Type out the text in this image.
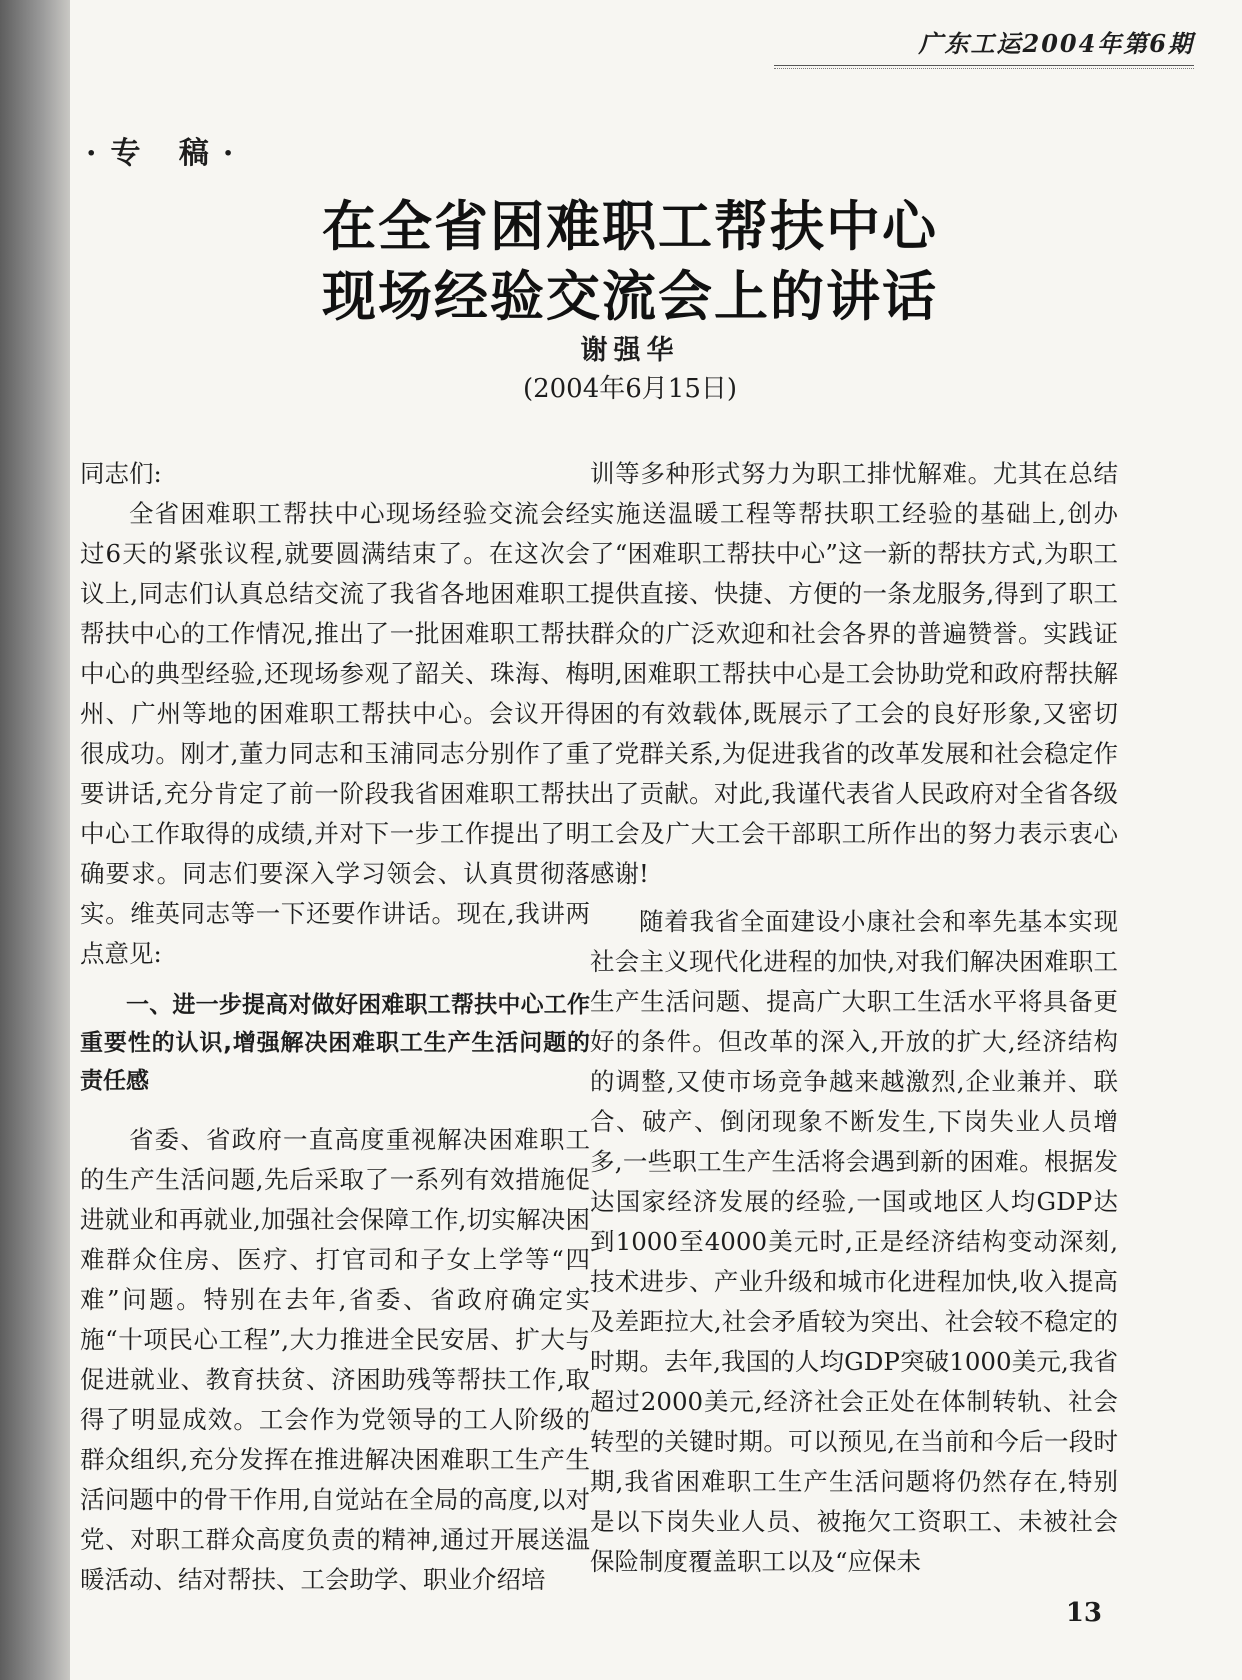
广东工运2004年第6期
·专 稿·
在全省困难职工帮扶中心
现场经验交流会上的讲话
谢强华
(2004年6月15日)

同志们:

全省困难职工帮扶中心现场经验交流会经过6天的紧张议程,就要圆满结束了。在这次会议上,同志们认真总结交流了我省各地困难职工帮扶中心的工作情况,推出了一批困难职工帮扶中心的典型经验,还现场参观了韶关、珠海、梅州、广州等地的困难职工帮扶中心。会议开得很成功。刚才,董力同志和玉浦同志分别作了重要讲话,充分肯定了前一阶段我省困难职工帮扶中心工作取得的成绩,并对下一步工作提出了明确要求。同志们要深入学习领会、认真贯彻落实。维英同志等一下还要作讲话。现在,我讲两点意见:

一、进一步提高对做好困难职工帮扶中心工作重要性的认识,增强解决困难职工生产生活问题的责任感

省委、省政府一直高度重视解决困难职工的生产生活问题,先后采取了一系列有效措施促进就业和再就业,加强社会保障工作,切实解决困难群众住房、医疗、打官司和子女上学等“四难”问题。特别在去年,省委、省政府确定实施“十项民心工程”,大力推进全民安居、扩大与促进就业、教育扶贫、济困助残等帮扶工作,取得了明显成效。工会作为党领导的工人阶级的群众组织,充分发挥在推进解决困难职工生产生活问题中的骨干作用,自觉站在全局的高度,以对党、对职工群众高度负责的精神,通过开展送温暖活动、结对帮扶、工会助学、职业介绍培

训等多种形式努力为职工排忧解难。尤其在总结实施送温暖工程等帮扶职工经验的基础上,创办了“困难职工帮扶中心”这一新的帮扶方式,为职工提供直接、快捷、方便的一条龙服务,得到了职工群众的广泛欢迎和社会各界的普遍赞誉。实践证明,困难职工帮扶中心是工会协助党和政府帮扶解困的有效载体,既展示了工会的良好形象,又密切了党群关系,为促进我省的改革发展和社会稳定作出了贡献。对此,我谨代表省人民政府对全省各级工会及广大工会干部职工所作出的努力表示衷心感谢!

随着我省全面建设小康社会和率先基本实现社会主义现代化进程的加快,对我们解决困难职工生产生活问题、提高广大职工生活水平将具备更好的条件。但改革的深入,开放的扩大,经济结构的调整,又使市场竞争越来越激烈,企业兼并、联合、破产、倒闭现象不断发生,下岗失业人员增多,一些职工生产生活将会遇到新的困难。根据发达国家经济发展的经验,一国或地区人均GDP达到1000至4000美元时,正是经济结构变动深刻,技术进步、产业升级和城市化进程加快,收入提高及差距拉大,社会矛盾较为突出、社会较不稳定的时期。去年,我国的人均GDP突破1000美元,我省超过2000美元,经济社会正处在体制转轨、社会转型的关键时期。可以预见,在当前和今后一段时期,我省困难职工生产生活问题将仍然存在,特别是以下岗失业人员、被拖欠工资职工、未被社会保险制度覆盖职工以及“应保未

13
